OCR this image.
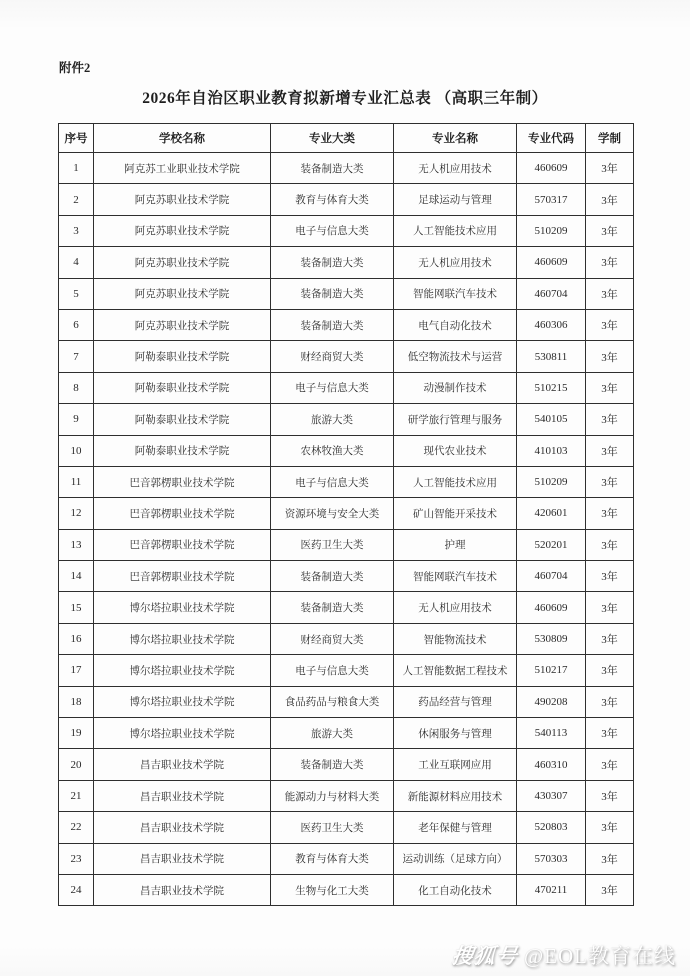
附件2
2026年自治区职业教育拟新增专业汇总表 （高职三年制）
序号	学校名称	专业大类	专业名称	专业代码	学制
1	阿克苏工业职业技术学院	装备制造大类	无人机应用技术	460609	3年
2	阿克苏职业技术学院	教育与体育大类	足球运动与管理	570317	3年
3	阿克苏职业技术学院	电子与信息大类	人工智能技术应用	510209	3年
4	阿克苏职业技术学院	装备制造大类	无人机应用技术	460609	3年
5	阿克苏职业技术学院	装备制造大类	智能网联汽车技术	460704	3年
6	阿克苏职业技术学院	装备制造大类	电气自动化技术	460306	3年
7	阿勒泰职业技术学院	财经商贸大类	低空物流技术与运营	530811	3年
8	阿勒泰职业技术学院	电子与信息大类	动漫制作技术	510215	3年
9	阿勒泰职业技术学院	旅游大类	研学旅行管理与服务	540105	3年
10	阿勒泰职业技术学院	农林牧渔大类	现代农业技术	410103	3年
11	巴音郭楞职业技术学院	电子与信息大类	人工智能技术应用	510209	3年
12	巴音郭楞职业技术学院	资源环境与安全大类	矿山智能开采技术	420601	3年
13	巴音郭楞职业技术学院	医药卫生大类	护理	520201	3年
14	巴音郭楞职业技术学院	装备制造大类	智能网联汽车技术	460704	3年
15	博尔塔拉职业技术学院	装备制造大类	无人机应用技术	460609	3年
16	博尔塔拉职业技术学院	财经商贸大类	智能物流技术	530809	3年
17	博尔塔拉职业技术学院	电子与信息大类	人工智能数据工程技术	510217	3年
18	博尔塔拉职业技术学院	食品药品与粮食大类	药品经营与管理	490208	3年
19	博尔塔拉职业技术学院	旅游大类	休闲服务与管理	540113	3年
20	昌吉职业技术学院	装备制造大类	工业互联网应用	460310	3年
21	昌吉职业技术学院	能源动力与材料大类	新能源材料应用技术	430307	3年
22	昌吉职业技术学院	医药卫生大类	老年保健与管理	520803	3年
23	昌吉职业技术学院	教育与体育大类	运动训练（足球方向）	570303	3年
24	昌吉职业技术学院	生物与化工大类	化工自动化技术	470211	3年
搜狐号 @EOL教育在线
